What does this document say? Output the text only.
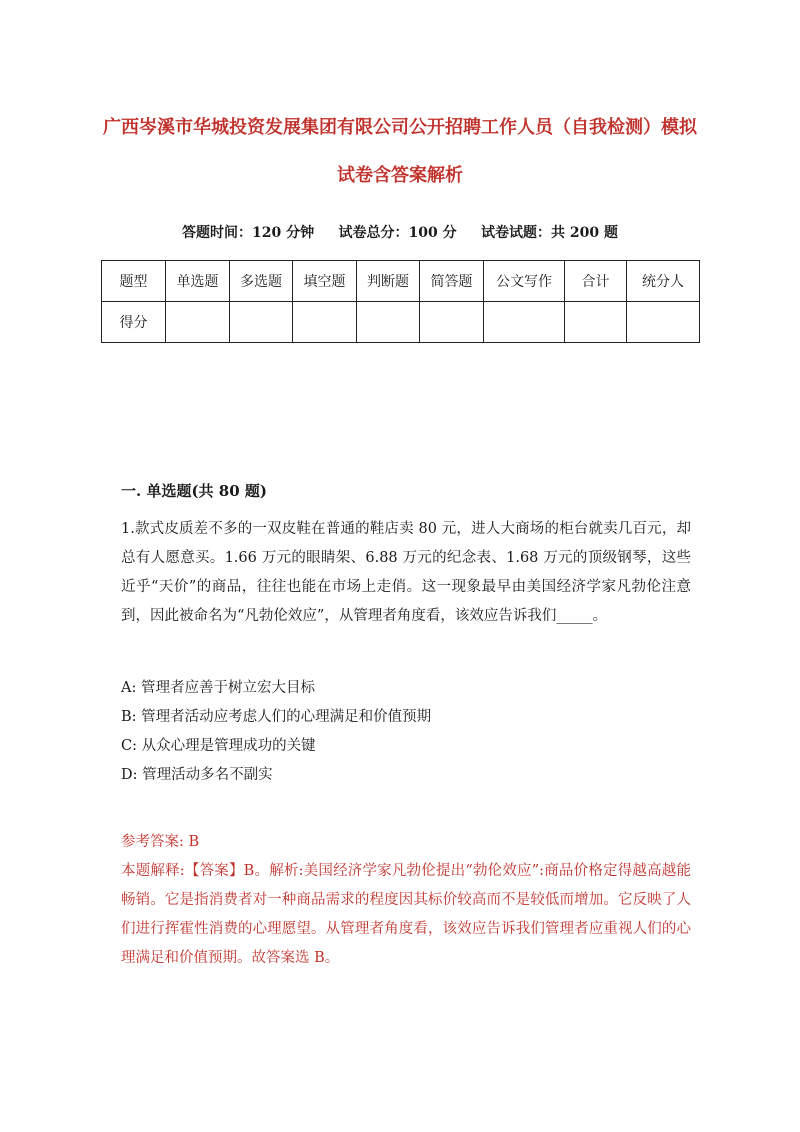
广西岑溪市华城投资发展集团有限公司公开招聘工作人员（自我检测）模拟试卷含答案解析
答题时间：120 分钟     试卷总分：100 分     试卷试题：共 200 题
题型	单选题	多选题	填空题	判断题	简答题	公文写作	合计	统分人
得分								
一. 单选题(共 80 题)

1.款式皮质差不多的一双皮鞋在普通的鞋店卖 80 元，进人大商场的柜台就卖几百元，却总有人愿意买。1.66 万元的眼睛架、6.88 万元的纪念表、1.68 万元的顶级钢琴，这些近乎“天价”的商品，往往也能在市场上走俏。这一现象最早由美国经济学家凡勃伦注意到，因此被命名为“凡勃伦效应”，从管理者角度看，该效应告诉我们_____。

A: 管理者应善于树立宏大目标
B: 管理者活动应考虑人们的心理满足和价值预期
C: 从众心理是管理成功的关键
D: 管理活动多名不副实

参考答案: B

本题解释:【答案】B。解析:美国经济学家凡勃伦提出“勃伦效应”:商品价格定得越高越能畅销。它是指消费者对一种商品需求的程度因其标价较高而不是较低而增加。它反映了人们进行挥霍性消费的心理愿望。从管理者角度看，该效应告诉我们管理者应重视人们的心理满足和价值预期。故答案选 B。
